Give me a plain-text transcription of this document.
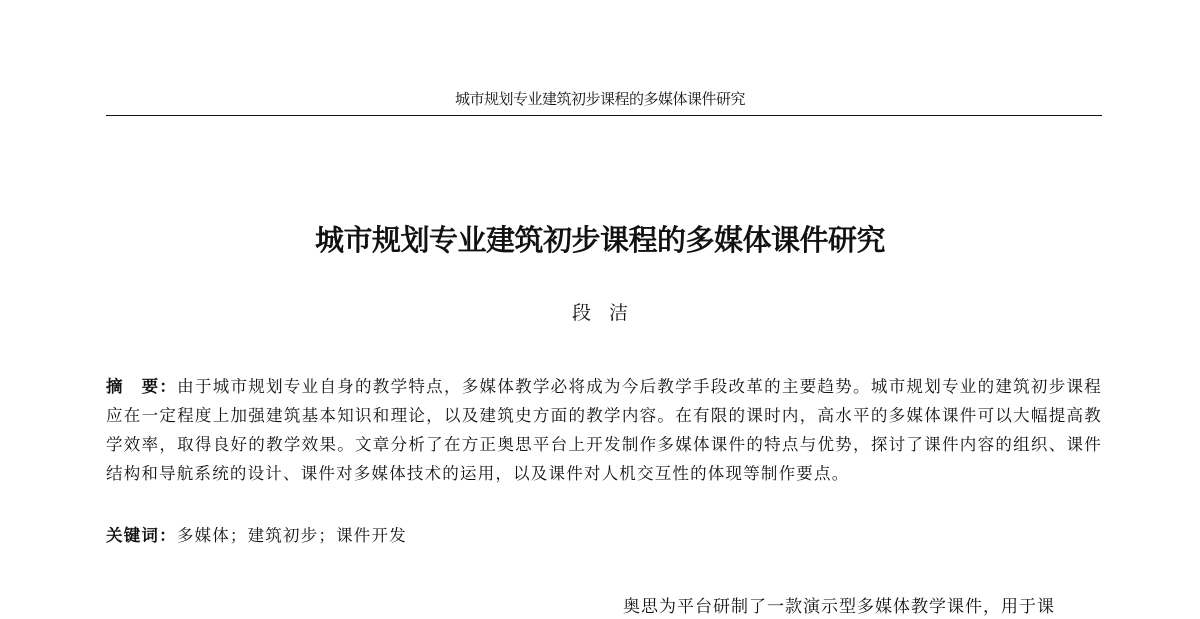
城市规划专业建筑初步课程的多媒体课件研究
城市规划专业建筑初步课程的多媒体课件研究
段洁
摘　要：由于城市规划专业自身的教学特点，多媒体教学必将成为今后教学手段改革的主要趋势。城市规划专业的建筑初步课程应在一定程度上加强建筑基本知识和理论，以及建筑史方面的教学内容。在有限的课时内，高水平的多媒体课件可以大幅提高教学效率，取得良好的教学效果。文章分析了在方正奥思平台上开发制作多媒体课件的特点与优势，探讨了课件内容的组织、课件结构和导航系统的设计、课件对多媒体技术的运用，以及课件对人机交互性的体现等制作要点。
关键词：多媒体；建筑初步；课件开发
奥思为平台研制了一款演示型多媒体教学课件，用于课
